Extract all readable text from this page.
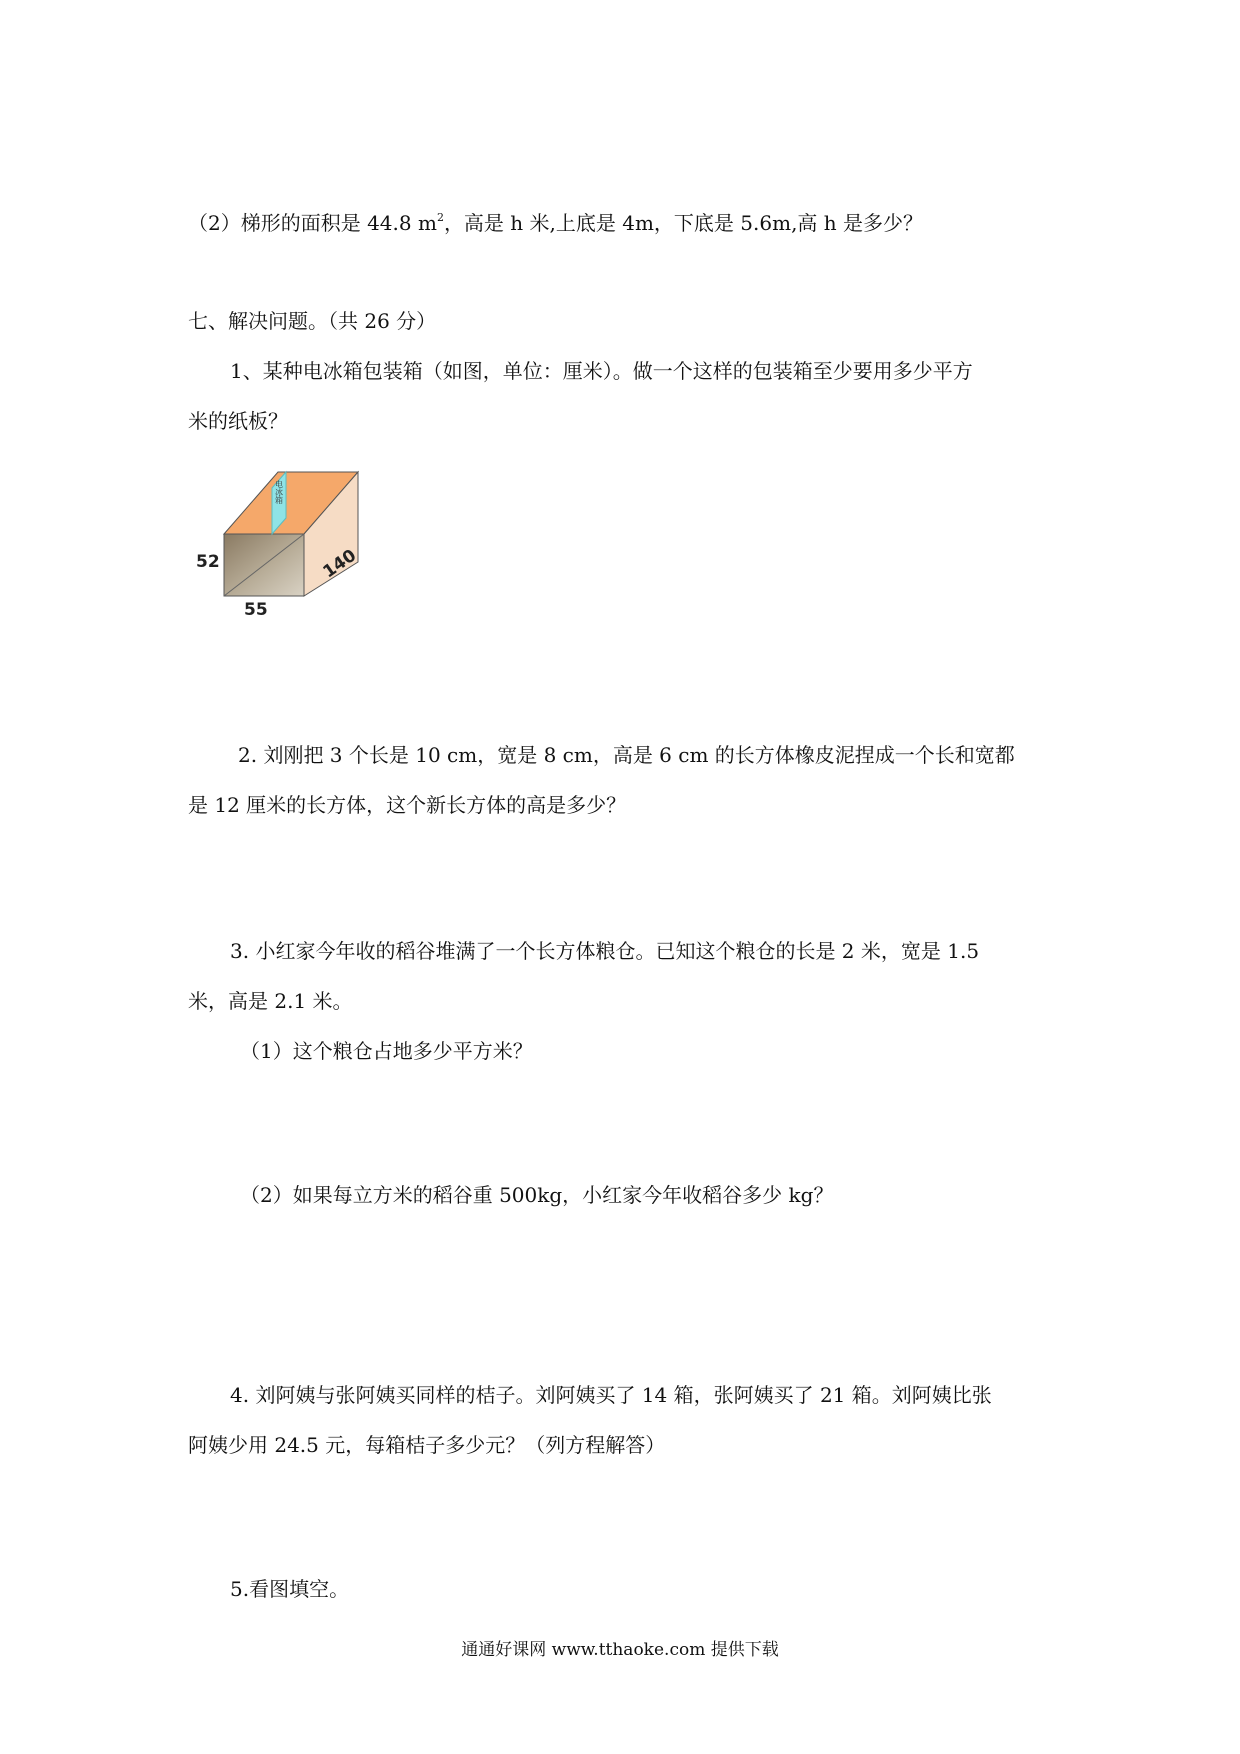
（2）梯形的面积是 44.8 $m^2$，高是 h 米,上底是 4m，下底是 5.6m,高 h 是多少？
七、解决问题。（共 26 分）
1、某种电冰箱包装箱（如图，单位：厘米）。做一个这样的包装箱至少要用多少平方
米的纸板？
电冰箱
52
55
140
2. 刘刚把 3 个长是 10 cm，宽是 8 cm，高是 6 cm 的长方体橡皮泥捏成一个长和宽都
是 12 厘米的长方体，这个新长方体的高是多少？
3. 小红家今年收的稻谷堆满了一个长方体粮仓。已知这个粮仓的长是 2 米，宽是 1.5
米，高是 2.1 米。
（1）这个粮仓占地多少平方米？
（2）如果每立方米的稻谷重 500kg，小红家今年收稻谷多少 kg？
4. 刘阿姨与张阿姨买同样的桔子。刘阿姨买了 14 箱，张阿姨买了 21 箱。刘阿姨比张
阿姨少用 24.5 元，每箱桔子多少元？（列方程解答）
5.看图填空。
通通好课网 www.tthaoke.com 提供下载
